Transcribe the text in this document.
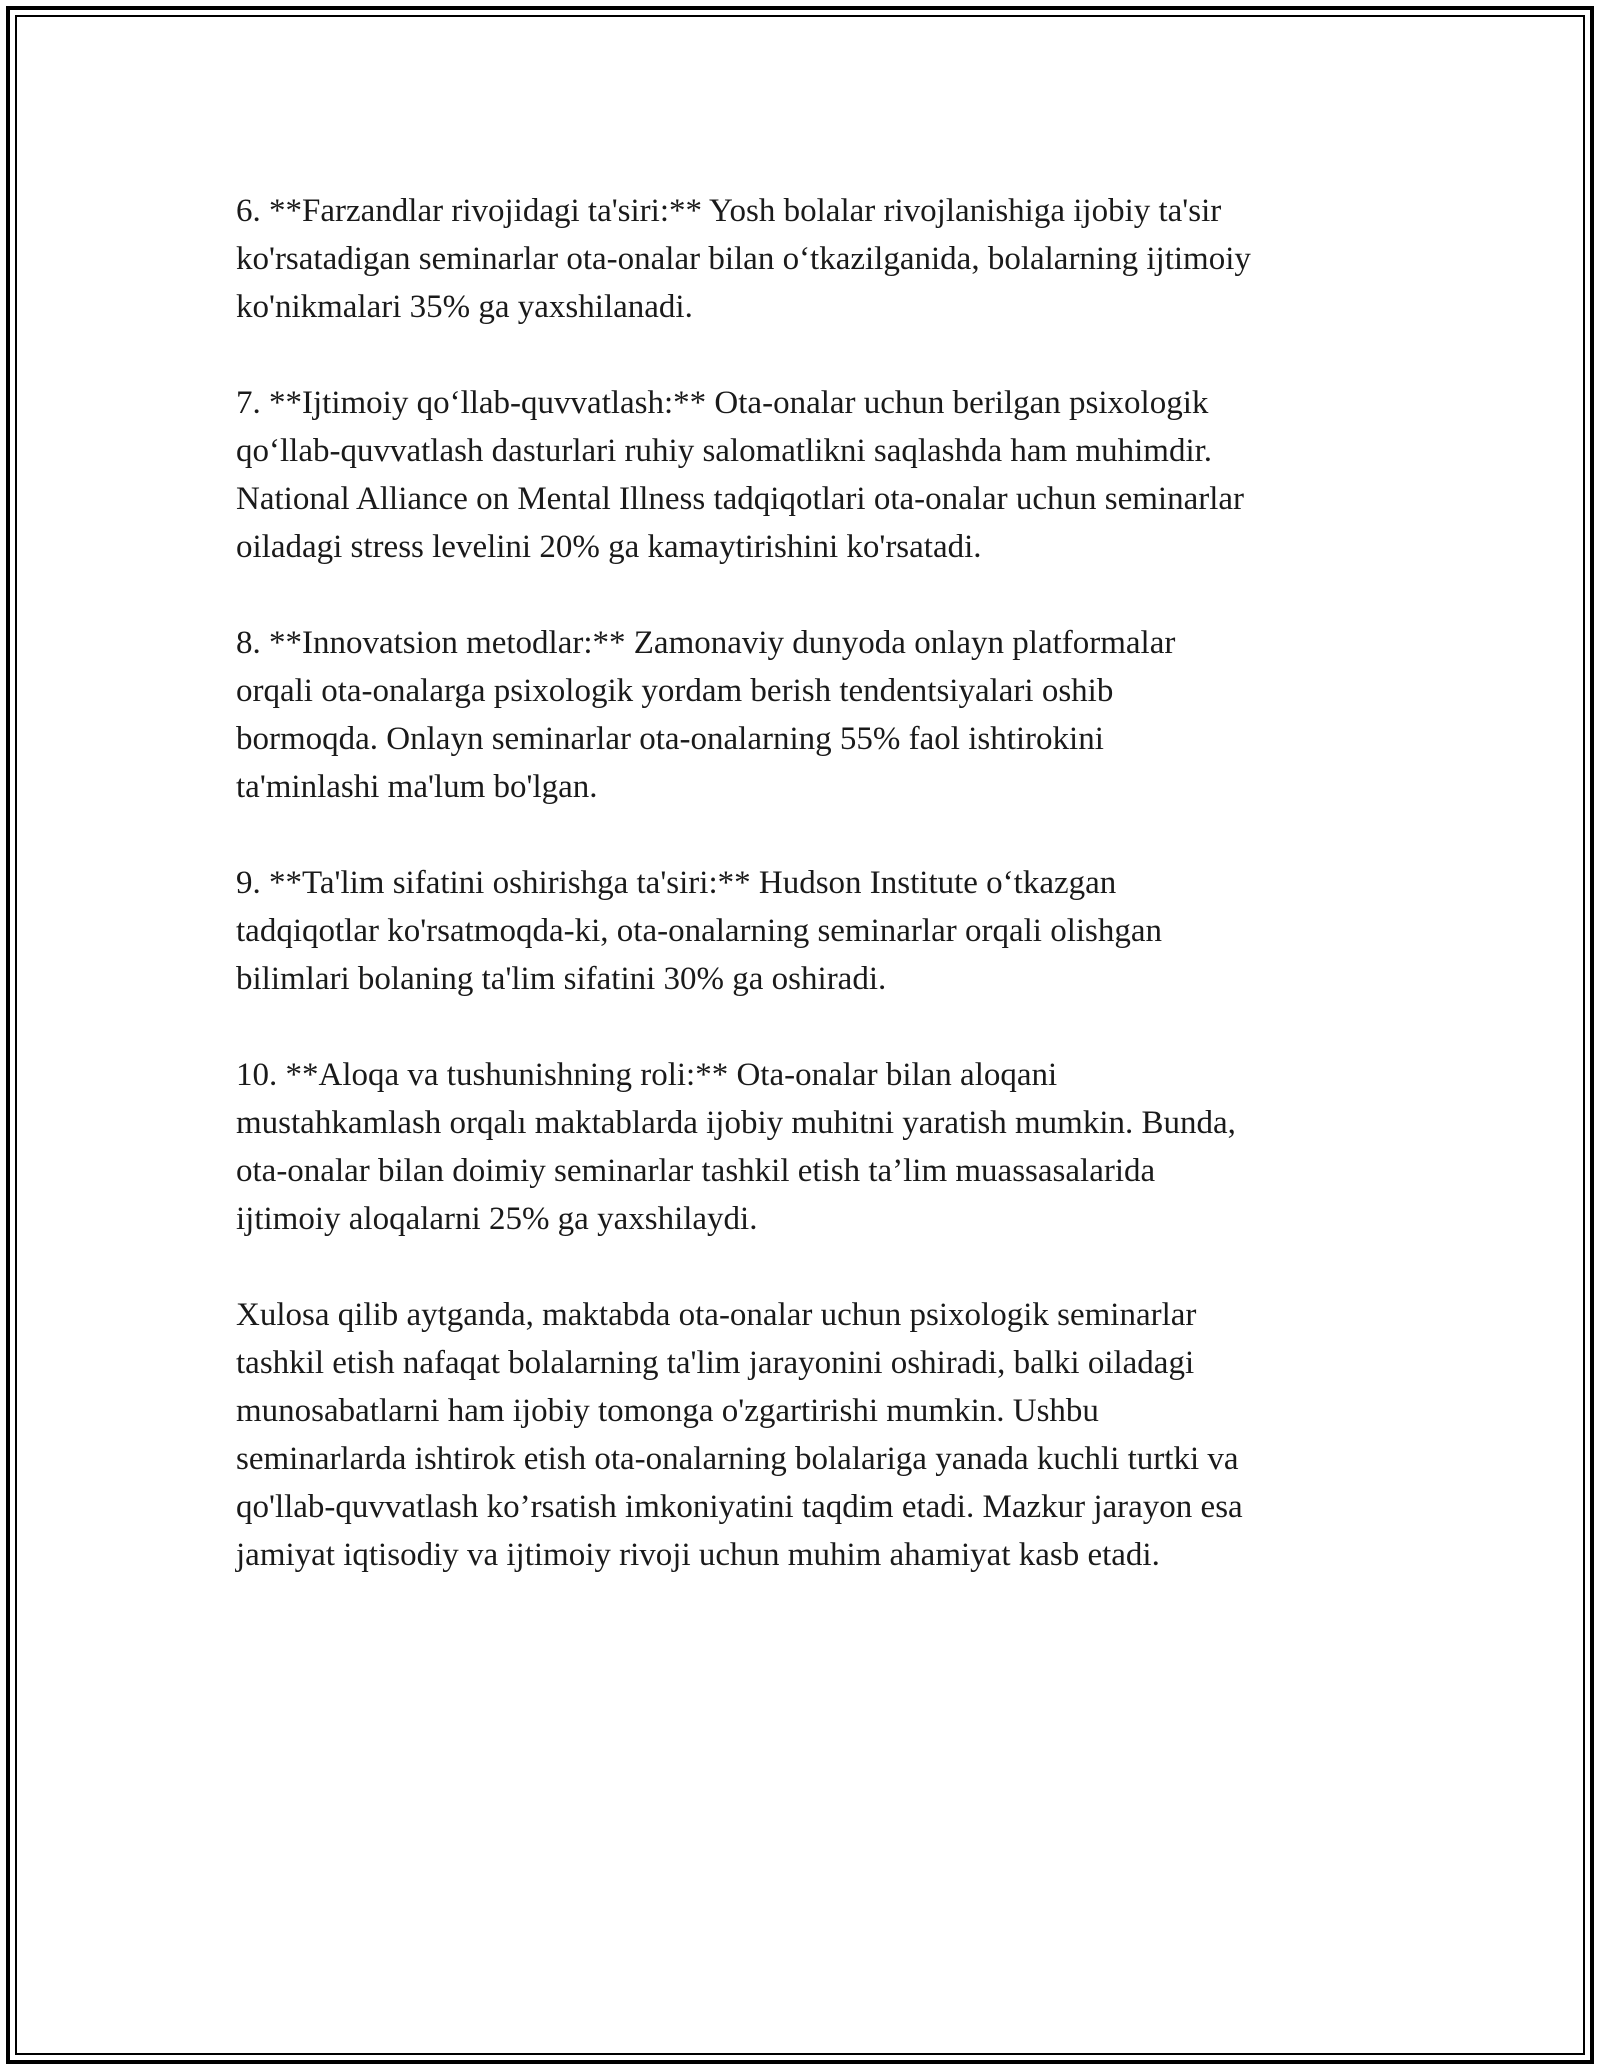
6. **Farzandlar rivojidagi ta'siri:** Yosh bolalar rivojlanishiga ijobiy ta'sir
ko'rsatadigan seminarlar ota-onalar bilan o‘tkazilganida, bolalarning ijtimoiy
ko'nikmalari 35% ga yaxshilanadi.

7. **Ijtimoiy qo‘llab-quvvatlash:** Ota-onalar uchun berilgan psixologik
qo‘llab-quvvatlash dasturlari ruhiy salomatlikni saqlashda ham muhimdir.
National Alliance on Mental Illness tadqiqotlari ota-onalar uchun seminarlar
oiladagi stress levelini 20% ga kamaytirishini ko'rsatadi.

8. **Innovatsion metodlar:** Zamonaviy dunyoda onlayn platformalar
orqali ota-onalarga psixologik yordam berish tendentsiyalari oshib
bormoqda. Onlayn seminarlar ota-onalarning 55% faol ishtirokini
ta'minlashi ma'lum bo'lgan.

9. **Ta'lim sifatini oshirishga ta'siri:** Hudson Institute o‘tkazgan
tadqiqotlar ko'rsatmoqda-ki, ota-onalarning seminarlar orqali olishgan
bilimlari bolaning ta'lim sifatini 30% ga oshiradi.

10. **Aloqa va tushunishning roli:** Ota-onalar bilan aloqani
mustahkamlash orqalı maktablarda ijobiy muhitni yaratish mumkin. Bunda,
ota-onalar bilan doimiy seminarlar tashkil etish ta’lim muassasalarida
ijtimoiy aloqalarni 25% ga yaxshilaydi.

Xulosa qilib aytganda, maktabda ota-onalar uchun psixologik seminarlar
tashkil etish nafaqat bolalarning ta'lim jarayonini oshiradi, balki oiladagi
munosabatlarni ham ijobiy tomonga o'zgartirishi mumkin. Ushbu
seminarlarda ishtirok etish ota-onalarning bolalariga yanada kuchli turtki va
qo'llab-quvvatlash ko’rsatish imkoniyatini taqdim etadi. Mazkur jarayon esa
jamiyat iqtisodiy va ijtimoiy rivoji uchun muhim ahamiyat kasb etadi.
